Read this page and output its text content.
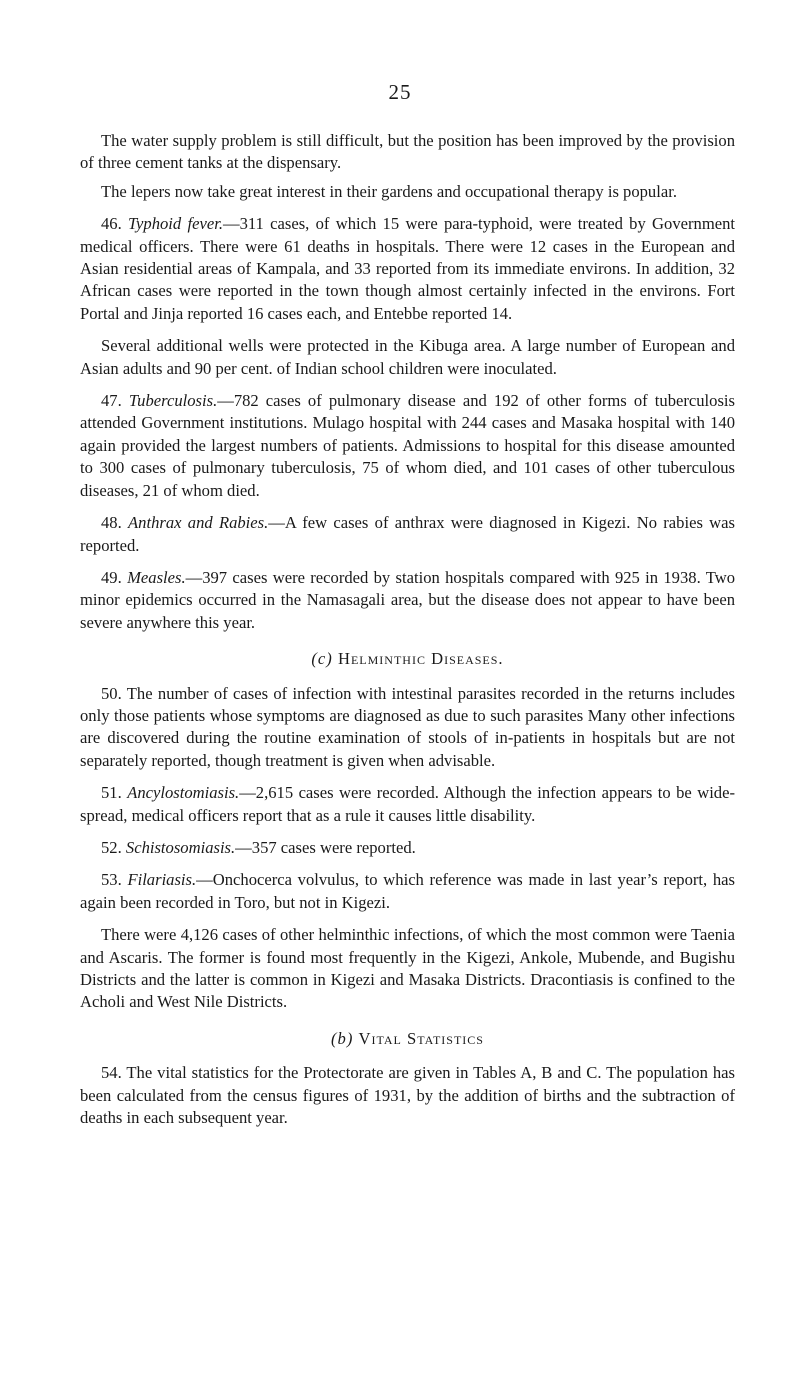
25

The water supply problem is still difficult, but the position has been improved by the provision of three cement tanks at the dispensary.

The lepers now take great interest in their gardens and occupational therapy is popular.

46. Typhoid fever.—311 cases, of which 15 were para-typhoid, were treated by Government medical officers. There were 61 deaths in hospitals. There were 12 cases in the European and Asian residential areas of Kampala, and 33 reported from its immediate environs. In addition, 32 African cases were reported in the town though almost certainly infected in the environs. Fort Portal and Jinja reported 16 cases each, and Entebbe reported 14.

Several additional wells were protected in the Kibuga area. A large number of European and Asian adults and 90 per cent. of Indian school children were inoculated.

47. Tuberculosis.—782 cases of pulmonary disease and 192 of other forms of tuberculosis attended Government institutions. Mulago hospital with 244 cases and Masaka hospital with 140 again provided the largest numbers of patients. Admissions to hospital for this disease amounted to 300 cases of pulmonary tuberculosis, 75 of whom died, and 101 cases of other tuberculous diseases, 21 of whom died.

48. Anthrax and Rabies.—A few cases of anthrax were diagnosed in Kigezi. No rabies was reported.

49. Measles.—397 cases were recorded by station hospitals compared with 925 in 1938. Two minor epidemics occurred in the Namasagali area, but the disease does not appear to have been severe anywhere this year.

(c) Helminthic Diseases.

50. The number of cases of infection with intestinal parasites recorded in the returns includes only those patients whose symptoms are diagnosed as due to such parasites Many other infections are discovered during the routine examination of stools of in-patients in hospitals but are not separately reported, though treatment is given when advisable.

51. Ancylostomiasis.—2,615 cases were recorded. Although the infection appears to be wide-spread, medical officers report that as a rule it causes little disability.

52. Schistosomiasis.—357 cases were reported.

53. Filariasis.—Onchocerca volvulus, to which reference was made in last year’s report, has again been recorded in Toro, but not in Kigezi.

There were 4,126 cases of other helminthic infections, of which the most common were Taenia and Ascaris. The former is found most frequently in the Kigezi, Ankole, Mubende, and Bugishu Districts and the latter is common in Kigezi and Masaka Districts. Dracontiasis is confined to the Acholi and West Nile Districts.

(b) Vital Statistics

54. The vital statistics for the Protectorate are given in Tables A, B and C. The population has been calculated from the census figures of 1931, by the addition of births and the subtraction of deaths in each subsequent year.
